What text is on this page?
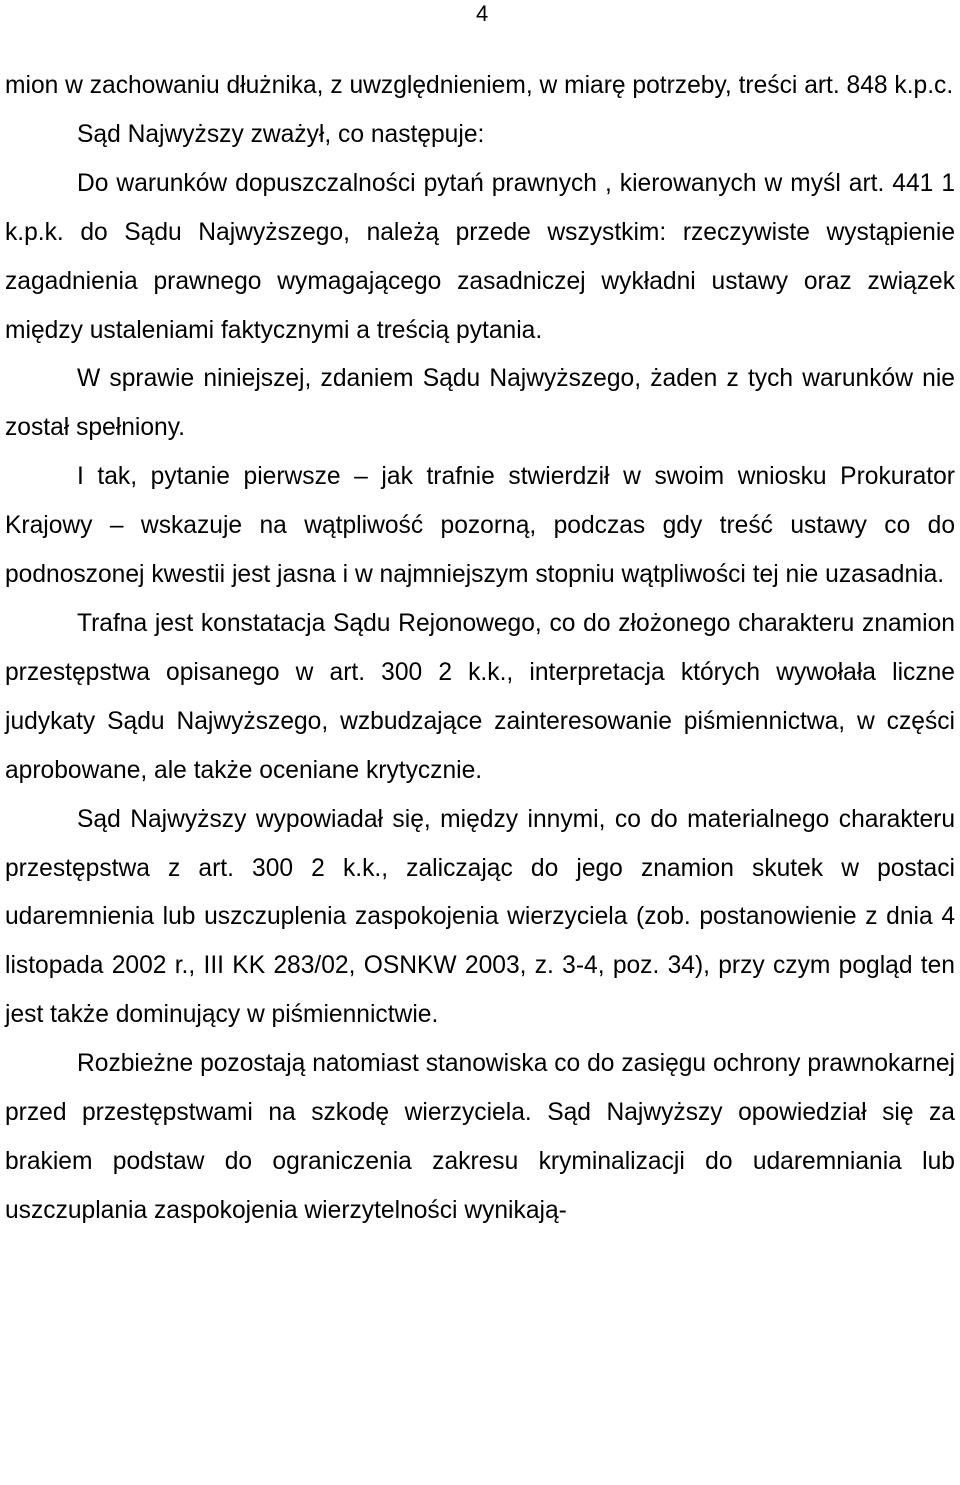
4

mion w zachowaniu dłużnika, z uwzględnieniem, w miarę potrzeby, treści art. 848 k.p.c.

Sąd Najwyższy zważył, co następuje:

Do warunków dopuszczalności pytań prawnych , kierowanych w myśl art. 441 1 k.p.k. do Sądu Najwyższego, należą przede wszystkim: rzeczywiste wystąpienie zagadnienia prawnego wymagającego zasadniczej wykładni ustawy oraz związek między ustaleniami faktycznymi a treścią pytania.

W sprawie niniejszej, zdaniem Sądu Najwyższego, żaden z tych warunków nie został spełniony.

I tak, pytanie pierwsze – jak trafnie stwierdził w swoim wniosku Prokurator Krajowy – wskazuje na wątpliwość pozorną, podczas gdy treść ustawy co do podnoszonej kwestii jest jasna i w najmniejszym stopniu wątpliwości tej nie uzasadnia.

Trafna jest konstatacja Sądu Rejonowego, co do złożonego charakteru znamion przestępstwa opisanego w art. 300 2 k.k., interpretacja których wywołała liczne judykaty Sądu Najwyższego, wzbudzające zainteresowanie piśmiennictwa, w części aprobowane, ale także oceniane krytycznie.

Sąd Najwyższy wypowiadał się, między innymi, co do materialnego charakteru przestępstwa z art. 300 2 k.k., zaliczając do jego znamion skutek w postaci udaremnienia lub uszczuplenia zaspokojenia wierzyciela (zob. postanowienie z dnia 4 listopada 2002 r., III KK 283/02, OSNKW 2003, z. 3-4, poz. 34), przy czym pogląd ten jest także dominujący w piśmiennictwie.

Rozbieżne pozostają natomiast stanowiska co do zasięgu ochrony prawnokarnej przed przestępstwami na szkodę wierzyciela. Sąd Najwyższy opowiedział się za brakiem podstaw do ograniczenia zakresu kryminalizacji do udaremniania lub uszczuplania zaspokojenia wierzytelności wynikają-
